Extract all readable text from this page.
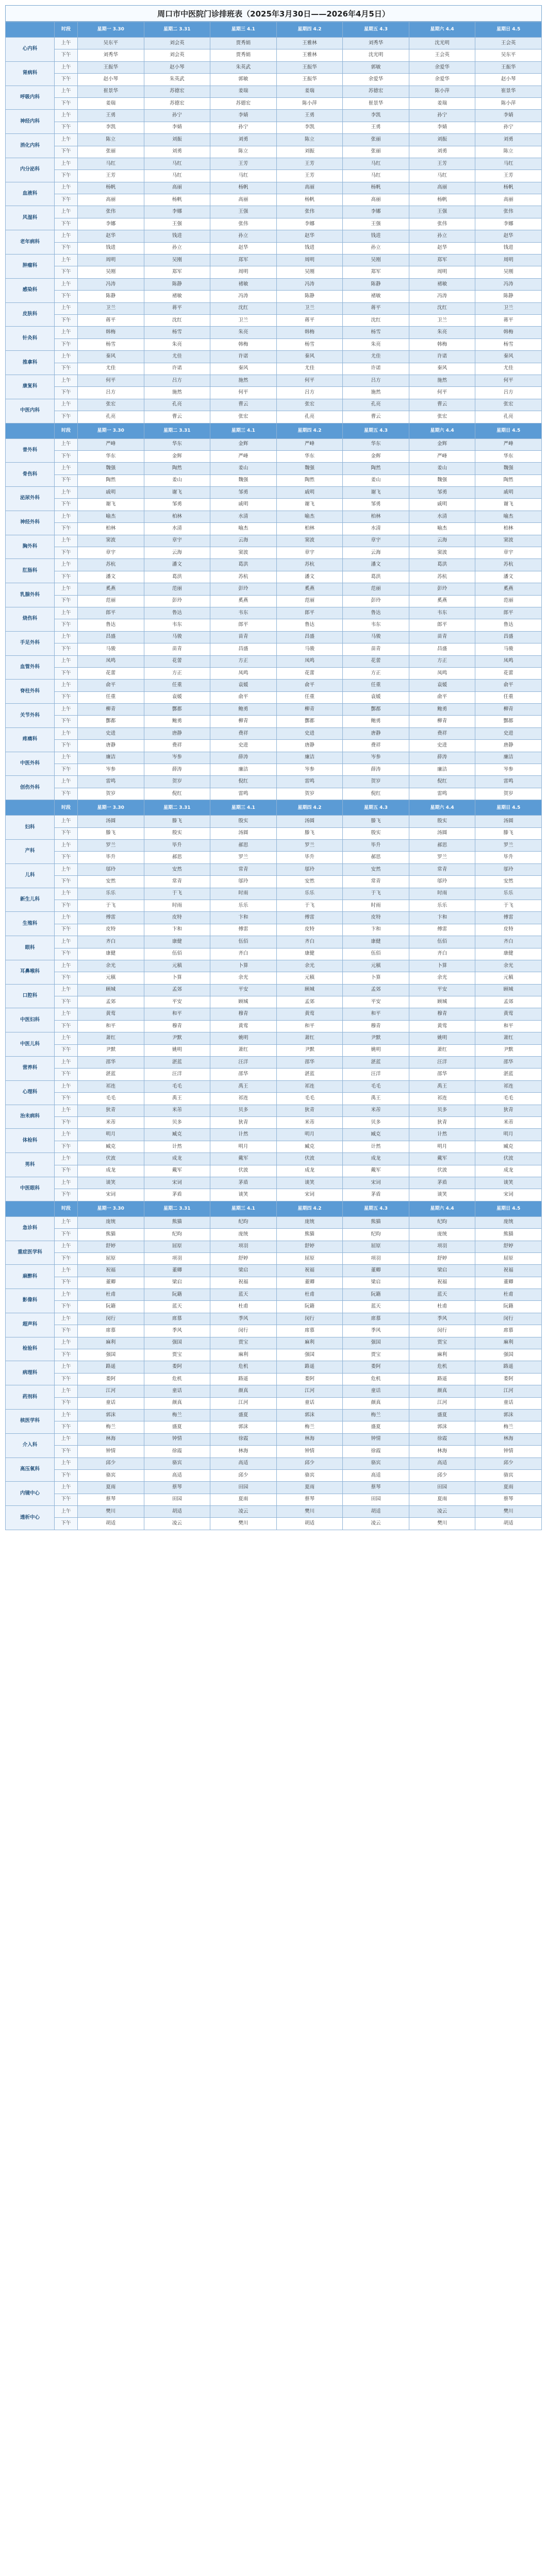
周口市中医院门诊排班表（2025年3月30日——2026年4月5日）
	时段	星期一 3.30	星期二 3.31	星期三 4.1	星期四 4.2	星期五 4.3	星期六 4.4	星期日 4.5
心内科	上午	吴东平	刘会英	贾秀娟	王雅林	刘秀华	沈光明	王会英
	下午	刘秀华	刘会英	贾秀娟	王雅林	沈光明	王会英	吴东平
肾病科	上午	王振华	赵小琴	朱英武	王振华	郭敏	余爱华	王振华
	下午	赵小琴	朱英武	郭敏	王振华	余爱华	余爱华	赵小琴
呼吸内科	上午	崔景华	苏德宏	姜瑞	姜瑞	苏德宏	陈小萍	崔景华
	下午	姜瑞	苏德宏	苏德宏	陈小萍	崔景华	姜瑞	陈小萍
神经内科	上午	王勇	孙宁	李婧	王勇	李凯	孙宁	李婧
	下午	李凯	李婧	孙宁	李凯	王勇	李婧	孙宁
消化内科	上午	陈立	刘振	刘勇	陈立	张丽	刘振	刘勇
	下午	张丽	刘勇	陈立	刘振	张丽	刘勇	陈立
内分泌科	上午	马红	马红	王芳	王芳	马红	王芳	马红
	下午	王芳	马红	马红	王芳	马红	马红	王芳
血液科	上午	杨帆	高丽	杨帆	高丽	杨帆	高丽	杨帆
	下午	高丽	杨帆	高丽	杨帆	高丽	杨帆	高丽
风湿科	上午	张伟	李娜	王强	张伟	李娜	王强	张伟
	下午	李娜	王强	张伟	李娜	王强	张伟	李娜
老年病科	上午	赵华	钱进	孙立	赵华	钱进	孙立	赵华
	下午	钱进	孙立	赵华	钱进	孙立	赵华	钱进
肿瘤科	上午	周明	吴刚	郑军	周明	吴刚	郑军	周明
	下午	吴刚	郑军	周明	吴刚	郑军	周明	吴刚
感染科	上午	冯涛	陈静	褚敏	冯涛	陈静	褚敏	冯涛
	下午	陈静	褚敏	冯涛	陈静	褚敏	冯涛	陈静
皮肤科	上午	卫兰	蒋平	沈红	卫兰	蒋平	沈红	卫兰
	下午	蒋平	沈红	卫兰	蒋平	沈红	卫兰	蒋平
针灸科	上午	韩梅	杨雪	朱亮	韩梅	杨雪	朱亮	韩梅
	下午	杨雪	朱亮	韩梅	杨雪	朱亮	韩梅	杨雪
推拿科	上午	秦风	尤佳	许诺	秦风	尤佳	许诺	秦风
	下午	尤佳	许诺	秦风	尤佳	许诺	秦风	尤佳
康复科	上午	何平	吕方	施然	何平	吕方	施然	何平
	下午	吕方	施然	何平	吕方	施然	何平	吕方
中医内科	上午	张宏	孔亮	曹云	张宏	孔亮	曹云	张宏
	下午	孔亮	曹云	张宏	孔亮	曹云	张宏	孔亮
	时段	星期一 3.30	星期二 3.31	星期三 4.1	星期四 4.2	星期五 4.3	星期六 4.4	星期日 4.5
普外科	上午	严峰	华东	金辉	严峰	华东	金辉	严峰
	下午	华东	金辉	严峰	华东	金辉	严峰	华东
骨伤科	上午	魏强	陶然	姜山	魏强	陶然	姜山	魏强
	下午	陶然	姜山	魏强	陶然	姜山	魏强	陶然
泌尿外科	上午	戚明	谢飞	邹勇	戚明	谢飞	邹勇	戚明
	下午	谢飞	邹勇	戚明	谢飞	邹勇	戚明	谢飞
神经外科	上午	喻杰	柏林	水清	喻杰	柏林	水清	喻杰
	下午	柏林	水清	喻杰	柏林	水清	喻杰	柏林
胸外科	上午	窦波	章宇	云海	窦波	章宇	云海	窦波
	下午	章宇	云海	窦波	章宇	云海	窦波	章宇
肛肠科	上午	苏杭	潘文	葛洪	苏杭	潘文	葛洪	苏杭
	下午	潘文	葛洪	苏杭	潘文	葛洪	苏杭	潘文
乳腺外科	上午	奚燕	范丽	彭玲	奚燕	范丽	彭玲	奚燕
	下午	范丽	彭玲	奚燕	范丽	彭玲	奚燕	范丽
烧伤科	上午	郎平	鲁达	韦东	郎平	鲁达	韦东	郎平
	下午	鲁达	韦东	郎平	鲁达	韦东	郎平	鲁达
手足外科	上午	昌盛	马骏	苗青	昌盛	马骏	苗青	昌盛
	下午	马骏	苗青	昌盛	马骏	苗青	昌盛	马骏
血管外科	上午	凤鸣	花蕾	方正	凤鸣	花蕾	方正	凤鸣
	下午	花蕾	方正	凤鸣	花蕾	方正	凤鸣	花蕾
脊柱外科	上午	俞平	任重	袁媛	俞平	任重	袁媛	俞平
	下午	任重	袁媛	俞平	任重	袁媛	俞平	任重
关节外科	上午	柳青	酆都	鲍勇	柳青	酆都	鲍勇	柳青
	下午	酆都	鲍勇	柳青	酆都	鲍勇	柳青	酆都
疼痛科	上午	史进	唐静	费祥	史进	唐静	费祥	史进
	下午	唐静	费祥	史进	唐静	费祥	史进	唐静
中医外科	上午	廉洁	岑参	薛涛	廉洁	岑参	薛涛	廉洁
	下午	岑参	薛涛	廉洁	岑参	薛涛	廉洁	岑参
创伤外科	上午	雷鸣	贺岁	倪红	雷鸣	贺岁	倪红	雷鸣
	下午	贺岁	倪红	雷鸣	贺岁	倪红	雷鸣	贺岁
	时段	星期一 3.30	星期二 3.31	星期三 4.1	星期四 4.2	星期五 4.3	星期六 4.4	星期日 4.5
妇科	上午	汤圆	滕飞	殷实	汤圆	滕飞	殷实	汤圆
	下午	滕飞	殷实	汤圆	滕飞	殷实	汤圆	滕飞
产科	上午	罗兰	毕升	郝思	罗兰	毕升	郝思	罗兰
	下午	毕升	郝思	罗兰	毕升	郝思	罗兰	毕升
儿科	上午	邬玲	安然	常青	邬玲	安然	常青	邬玲
	下午	安然	常青	邬玲	安然	常青	邬玲	安然
新生儿科	上午	乐乐	于飞	时雨	乐乐	于飞	时雨	乐乐
	下午	于飞	时雨	乐乐	于飞	时雨	乐乐	于飞
生殖科	上午	傅雷	皮特	卞和	傅雷	皮特	卞和	傅雷
	下午	皮特	卞和	傅雷	皮特	卞和	傅雷	皮特
眼科	上午	齐白	康健	伍佰	齐白	康健	伍佰	齐白
	下午	康健	伍佰	齐白	康健	伍佰	齐白	康健
耳鼻喉科	上午	余光	元稹	卜算	余光	元稹	卜算	余光
	下午	元稹	卜算	余光	元稹	卜算	余光	元稹
口腔科	上午	顾城	孟郊	平安	顾城	孟郊	平安	顾城
	下午	孟郊	平安	顾城	孟郊	平安	顾城	孟郊
中医妇科	上午	黄莺	和平	穆青	黄莺	和平	穆青	黄莺
	下午	和平	穆青	黄莺	和平	穆青	黄莺	和平
中医儿科	上午	萧红	尹默	姚明	萧红	尹默	姚明	萧红
	下午	尹默	姚明	萧红	尹默	姚明	萧红	尹默
营养科	上午	邵华	湛蓝	汪洋	邵华	湛蓝	汪洋	邵华
	下午	湛蓝	汪洋	邵华	湛蓝	汪洋	邵华	湛蓝
心理科	上午	祁连	毛毛	禹王	祁连	毛毛	禹王	祁连
	下午	毛毛	禹王	祁连	毛毛	禹王	祁连	毛毛
治未病科	上午	狄青	米芾	贝多	狄青	米芾	贝多	狄青
	下午	米芾	贝多	狄青	米芾	贝多	狄青	米芾
体检科	上午	明月	臧克	计然	明月	臧克	计然	明月
	下午	臧克	计然	明月	臧克	计然	明月	臧克
男科	上午	伏波	成龙	戴军	伏波	成龙	戴军	伏波
	下午	成龙	戴军	伏波	成龙	戴军	伏波	成龙
中医眼科	上午	谈笑	宋词	茅盾	谈笑	宋词	茅盾	谈笑
	下午	宋词	茅盾	谈笑	宋词	茅盾	谈笑	宋词
	时段	星期一 3.30	星期二 3.31	星期三 4.1	星期四 4.2	星期五 4.3	星期六 4.4	星期日 4.5
急诊科	上午	庞统	熊猫	纪昀	庞统	熊猫	纪昀	庞统
	下午	熊猫	纪昀	庞统	熊猫	纪昀	庞统	熊猫
重症医学科	上午	舒婷	屈原	项羽	舒婷	屈原	项羽	舒婷
	下午	屈原	项羽	舒婷	屈原	项羽	舒婷	屈原
麻醉科	上午	祝福	董卿	梁启	祝福	董卿	梁启	祝福
	下午	董卿	梁启	祝福	董卿	梁启	祝福	董卿
影像科	上午	杜甫	阮籍	蓝天	杜甫	阮籍	蓝天	杜甫
	下午	阮籍	蓝天	杜甫	阮籍	蓝天	杜甫	阮籍
超声科	上午	闵行	席慕	季风	闵行	席慕	季风	闵行
	下午	席慕	季风	闵行	席慕	季风	闵行	席慕
检验科	上午	麻利	强国	贾宝	麻利	强国	贾宝	麻利
	下午	强国	贾宝	麻利	强国	贾宝	麻利	强国
病理科	上午	路遥	娄阿	危机	路遥	娄阿	危机	路遥
	下午	娄阿	危机	路遥	娄阿	危机	路遥	娄阿
药剂科	上午	江河	童话	颜真	江河	童话	颜真	江河
	下午	童话	颜真	江河	童话	颜真	江河	童话
核医学科	上午	郭沫	梅兰	盛夏	郭沫	梅兰	盛夏	郭沫
	下午	梅兰	盛夏	郭沫	梅兰	盛夏	郭沫	梅兰
介入科	上午	林海	钟情	徐霞	林海	钟情	徐霞	林海
	下午	钟情	徐霞	林海	钟情	徐霞	林海	钟情
高压氧科	上午	邱少	骆宾	高适	邱少	骆宾	高适	邱少
	下午	骆宾	高适	邱少	骆宾	高适	邱少	骆宾
内镜中心	上午	夏雨	蔡琴	田园	夏雨	蔡琴	田园	夏雨
	下午	蔡琴	田园	夏雨	蔡琴	田园	夏雨	蔡琴
透析中心	上午	樊川	胡适	凌云	樊川	胡适	凌云	樊川
	下午	胡适	凌云	樊川	胡适	凌云	樊川	胡适
